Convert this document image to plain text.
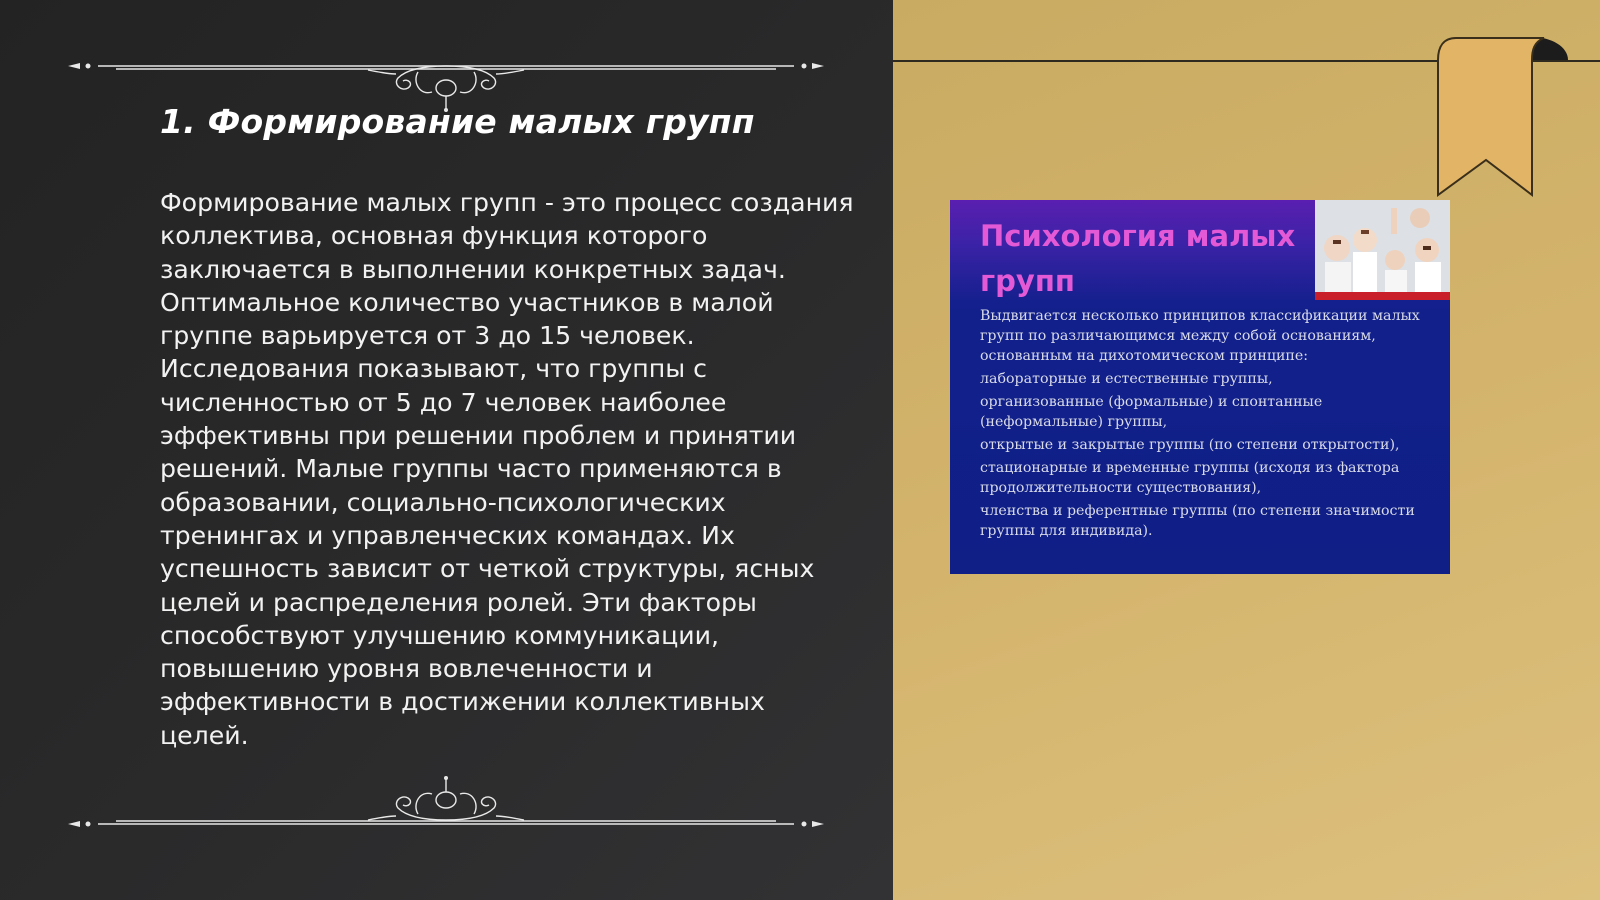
1. Формирование малых групп

Формирование малых групп - это процесс создания коллектива, основная функция которого заключается в выполнении конкретных задач. Оптимальное количество участников в малой группе варьируется от 3 до 15 человек. Исследования показывают, что группы с численностью от 5 до 7 человек наиболее эффективны при решении проблем и принятии решений. Малые группы часто применяются в образовании, социально-психологических тренингах и управленческих командах. Их успешность зависит от четкой структуры, ясных целей и распределения ролей. Эти факторы способствуют улучшению коммуникации, повышению уровня вовлеченности и эффективности в достижении коллективных целей.

Психология малых групп
Выдвигается несколько принципов классификации малых групп по различающимся между собой основаниям, основанным на дихотомическом принципе:
лабораторные и естественные группы,
организованные (формальные) и спонтанные (неформальные) группы,
открытые и закрытые группы (по степени открытости),
стационарные и временные группы (исходя из фактора продолжительности существования),
членства и референтные группы (по степени значимости группы для индивида).
